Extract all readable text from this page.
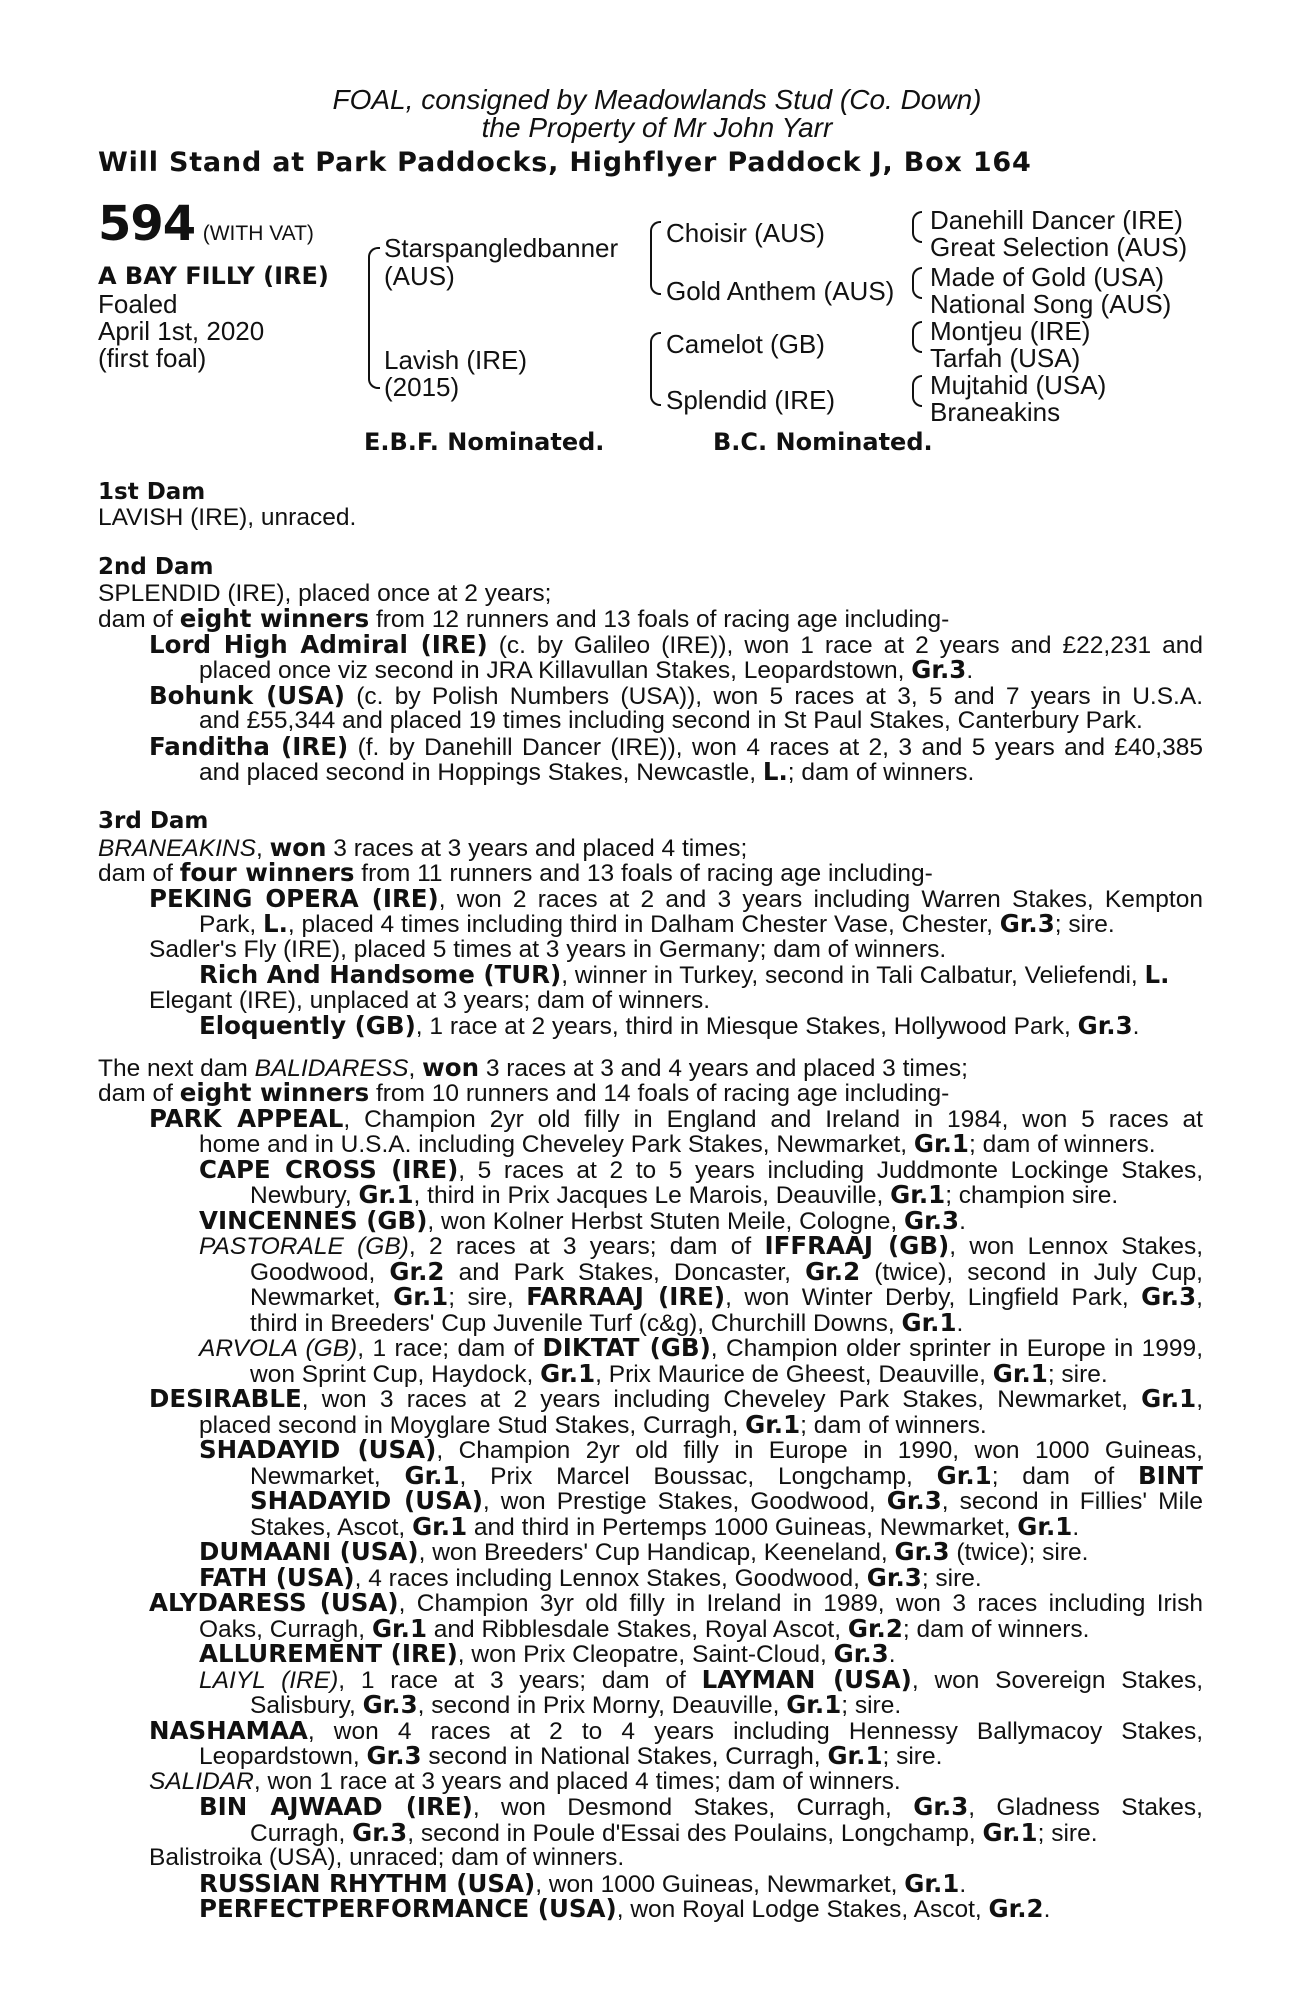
FOAL, consigned by Meadowlands Stud (Co. Down)
the Property of Mr John Yarr
Will Stand at Park Paddocks, Highflyer Paddock J, Box 164
594 (WITH VAT)
A BAY FILLY (IRE)
Foaled
April 1st, 2020
(first foal)
Starspangledbanner
(AUS)
Lavish (IRE)
(2015)
Choisir (AUS)
Gold Anthem (AUS)
Camelot (GB)
Splendid (IRE)
Danehill Dancer (IRE)
Great Selection (AUS)
Made of Gold (USA)
National Song (AUS)
Montjeu (IRE)
Tarfah (USA)
Mujtahid (USA)
Braneakins
E.B.F. Nominated.	B.C. Nominated.
1st Dam
LAVISH (IRE), unraced.
2nd Dam
SPLENDID (IRE), placed once at 2 years;
dam of eight winners from 12 runners and 13 foals of racing age including-
Lord High Admiral (IRE) (c. by Galileo (IRE)), won 1 race at 2 years and £22,231 and
placed once viz second in JRA Killavullan Stakes, Leopardstown, Gr.3.
Bohunk (USA) (c. by Polish Numbers (USA)), won 5 races at 3, 5 and 7 years in U.S.A.
and £55,344 and placed 19 times including second in St Paul Stakes, Canterbury Park.
Fanditha (IRE) (f. by Danehill Dancer (IRE)), won 4 races at 2, 3 and 5 years and £40,385
and placed second in Hoppings Stakes, Newcastle, L.; dam of winners.
3rd Dam
BRANEAKINS, won 3 races at 3 years and placed 4 times;
dam of four winners from 11 runners and 13 foals of racing age including-
PEKING OPERA (IRE), won 2 races at 2 and 3 years including Warren Stakes, Kempton
Park, L., placed 4 times including third in Dalham Chester Vase, Chester, Gr.3; sire.
Sadler's Fly (IRE), placed 5 times at 3 years in Germany; dam of winners.
Rich And Handsome (TUR), winner in Turkey, second in Tali Calbatur, Veliefendi, L.
Elegant (IRE), unplaced at 3 years; dam of winners.
Eloquently (GB), 1 race at 2 years, third in Miesque Stakes, Hollywood Park, Gr.3.
The next dam BALIDARESS, won 3 races at 3 and 4 years and placed 3 times;
dam of eight winners from 10 runners and 14 foals of racing age including-
PARK APPEAL, Champion 2yr old filly in England and Ireland in 1984, won 5 races at
home and in U.S.A. including Cheveley Park Stakes, Newmarket, Gr.1; dam of winners.
CAPE CROSS (IRE), 5 races at 2 to 5 years including Juddmonte Lockinge Stakes,
Newbury, Gr.1, third in Prix Jacques Le Marois, Deauville, Gr.1; champion sire.
VINCENNES (GB), won Kolner Herbst Stuten Meile, Cologne, Gr.3.
PASTORALE (GB), 2 races at 3 years; dam of IFFRAAJ (GB), won Lennox Stakes,
Goodwood, Gr.2 and Park Stakes, Doncaster, Gr.2 (twice), second in July Cup,
Newmarket, Gr.1; sire, FARRAAJ (IRE), won Winter Derby, Lingfield Park, Gr.3,
third in Breeders' Cup Juvenile Turf (c&g), Churchill Downs, Gr.1.
ARVOLA (GB), 1 race; dam of DIKTAT (GB), Champion older sprinter in Europe in 1999,
won Sprint Cup, Haydock, Gr.1, Prix Maurice de Gheest, Deauville, Gr.1; sire.
DESIRABLE, won 3 races at 2 years including Cheveley Park Stakes, Newmarket, Gr.1,
placed second in Moyglare Stud Stakes, Curragh, Gr.1; dam of winners.
SHADAYID (USA), Champion 2yr old filly in Europe in 1990, won 1000 Guineas,
Newmarket, Gr.1, Prix Marcel Boussac, Longchamp, Gr.1; dam of BINT
SHADAYID (USA), won Prestige Stakes, Goodwood, Gr.3, second in Fillies' Mile
Stakes, Ascot, Gr.1 and third in Pertemps 1000 Guineas, Newmarket, Gr.1.
DUMAANI (USA), won Breeders' Cup Handicap, Keeneland, Gr.3 (twice); sire.
FATH (USA), 4 races including Lennox Stakes, Goodwood, Gr.3; sire.
ALYDARESS (USA), Champion 3yr old filly in Ireland in 1989, won 3 races including Irish
Oaks, Curragh, Gr.1 and Ribblesdale Stakes, Royal Ascot, Gr.2; dam of winners.
ALLUREMENT (IRE), won Prix Cleopatre, Saint-Cloud, Gr.3.
LAIYL (IRE), 1 race at 3 years; dam of LAYMAN (USA), won Sovereign Stakes,
Salisbury, Gr.3, second in Prix Morny, Deauville, Gr.1; sire.
NASHAMAA, won 4 races at 2 to 4 years including Hennessy Ballymacoy Stakes,
Leopardstown, Gr.3 second in National Stakes, Curragh, Gr.1; sire.
SALIDAR, won 1 race at 3 years and placed 4 times; dam of winners.
BIN AJWAAD (IRE), won Desmond Stakes, Curragh, Gr.3, Gladness Stakes,
Curragh, Gr.3, second in Poule d'Essai des Poulains, Longchamp, Gr.1; sire.
Balistroika (USA), unraced; dam of winners.
RUSSIAN RHYTHM (USA), won 1000 Guineas, Newmarket, Gr.1.
PERFECTPERFORMANCE (USA), won Royal Lodge Stakes, Ascot, Gr.2.
